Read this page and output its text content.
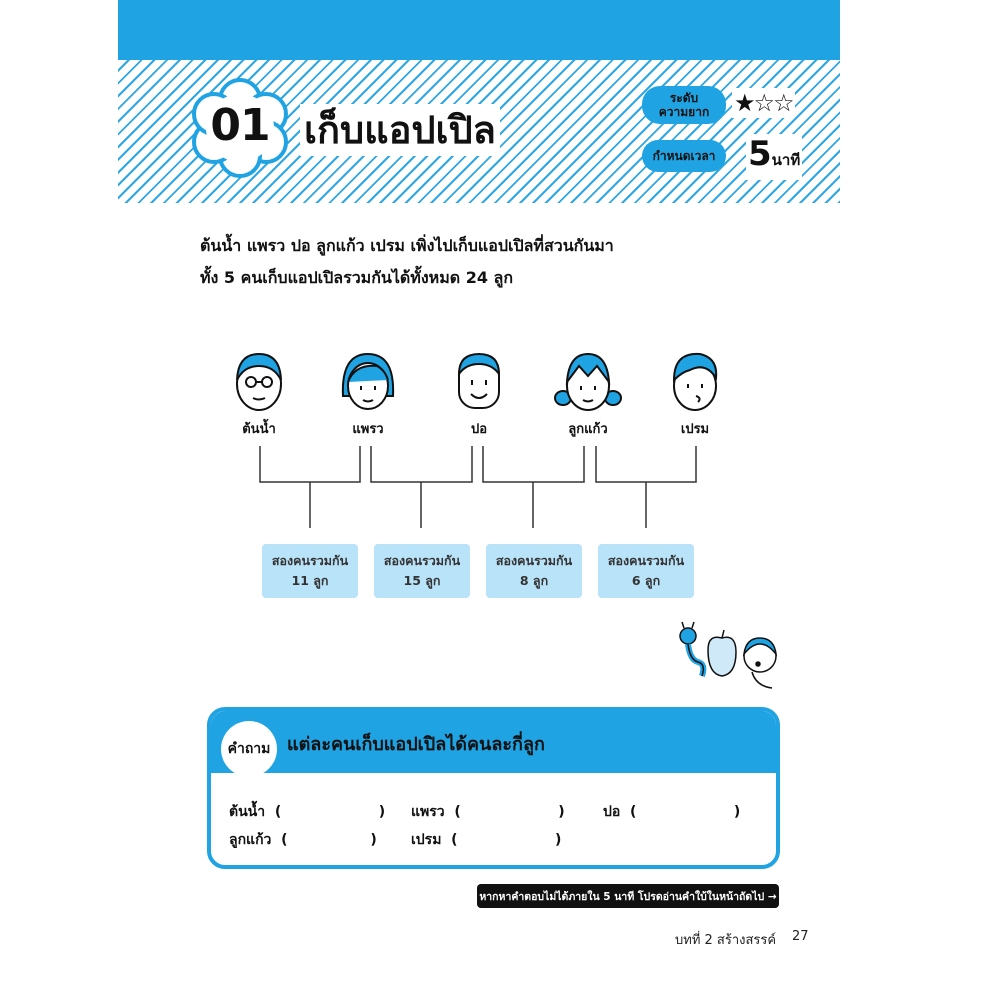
01 เก็บแอปเปิล
ระดับ
ความยาก ★☆☆
กำหนดเวลา 5นาที
ต้นน้ำ แพรว ปอ ลูกแก้ว เปรม เพิ่งไปเก็บแอปเปิลที่สวนกันมา
ทั้ง 5 คนเก็บแอปเปิลรวมกันได้ทั้งหมด 24 ลูก
ต้นน้ำ	แพรว	ปอ	ลูกแก้ว	เปรม
สองคนรวมกัน
11 ลูก
สองคนรวมกัน
15 ลูก
สองคนรวมกัน
8 ลูก
สองคนรวมกัน
6 ลูก
คำถาม แต่ละคนเก็บแอปเปิลได้คนละกี่ลูก
ต้นน้ำ  (                    ) แพรว  (                    )	ปอ  (                    )
ลูกแก้ว  (                 ) เปรม  (                    )
หากหาคำตอบไม่ได้ภายใน 5 นาที โปรดอ่านคำใบ้ในหน้าถัดไป →
บทที่ 2 สร้างสรรค์ 27
